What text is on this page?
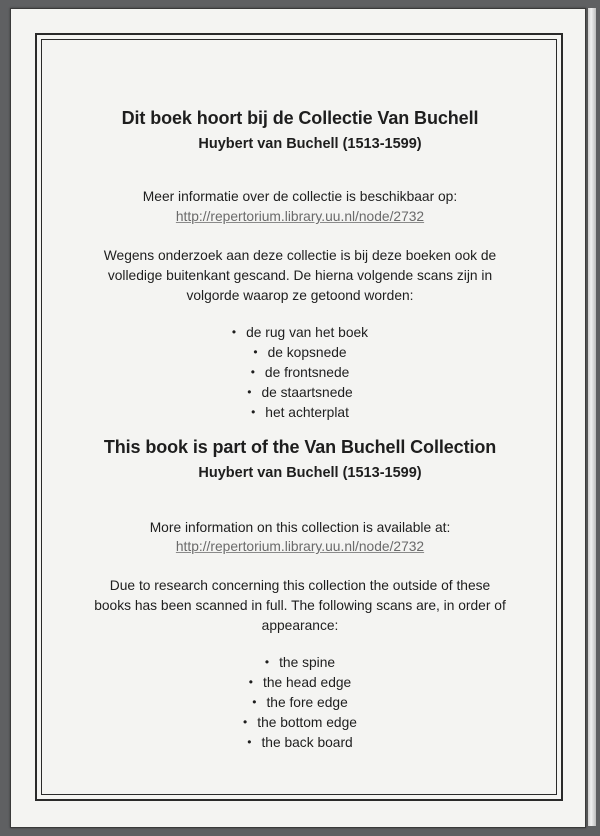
Dit boek hoort bij de Collectie Van Buchell
Huybert van Buchell (1513-1599)
Meer informatie over de collectie is beschikbaar op:
http://repertorium.library.uu.nl/node/2732
Wegens onderzoek aan deze collectie is bij deze boeken ook de
volledige buitenkant gescand. De hierna volgende scans zijn in
volgorde waarop ze getoond worden:
• de rug van het boek
• de kopsnede
• de frontsnede
• de staartsnede
• het achterplat
This book is part of the Van Buchell Collection
Huybert van Buchell (1513-1599)
More information on this collection is available at:
http://repertorium.library.uu.nl/node/2732
Due to research concerning this collection the outside of these
books has been scanned in full. The following scans are, in order of
appearance:
• the spine
• the head edge
• the fore edge
• the bottom edge
• the back board
